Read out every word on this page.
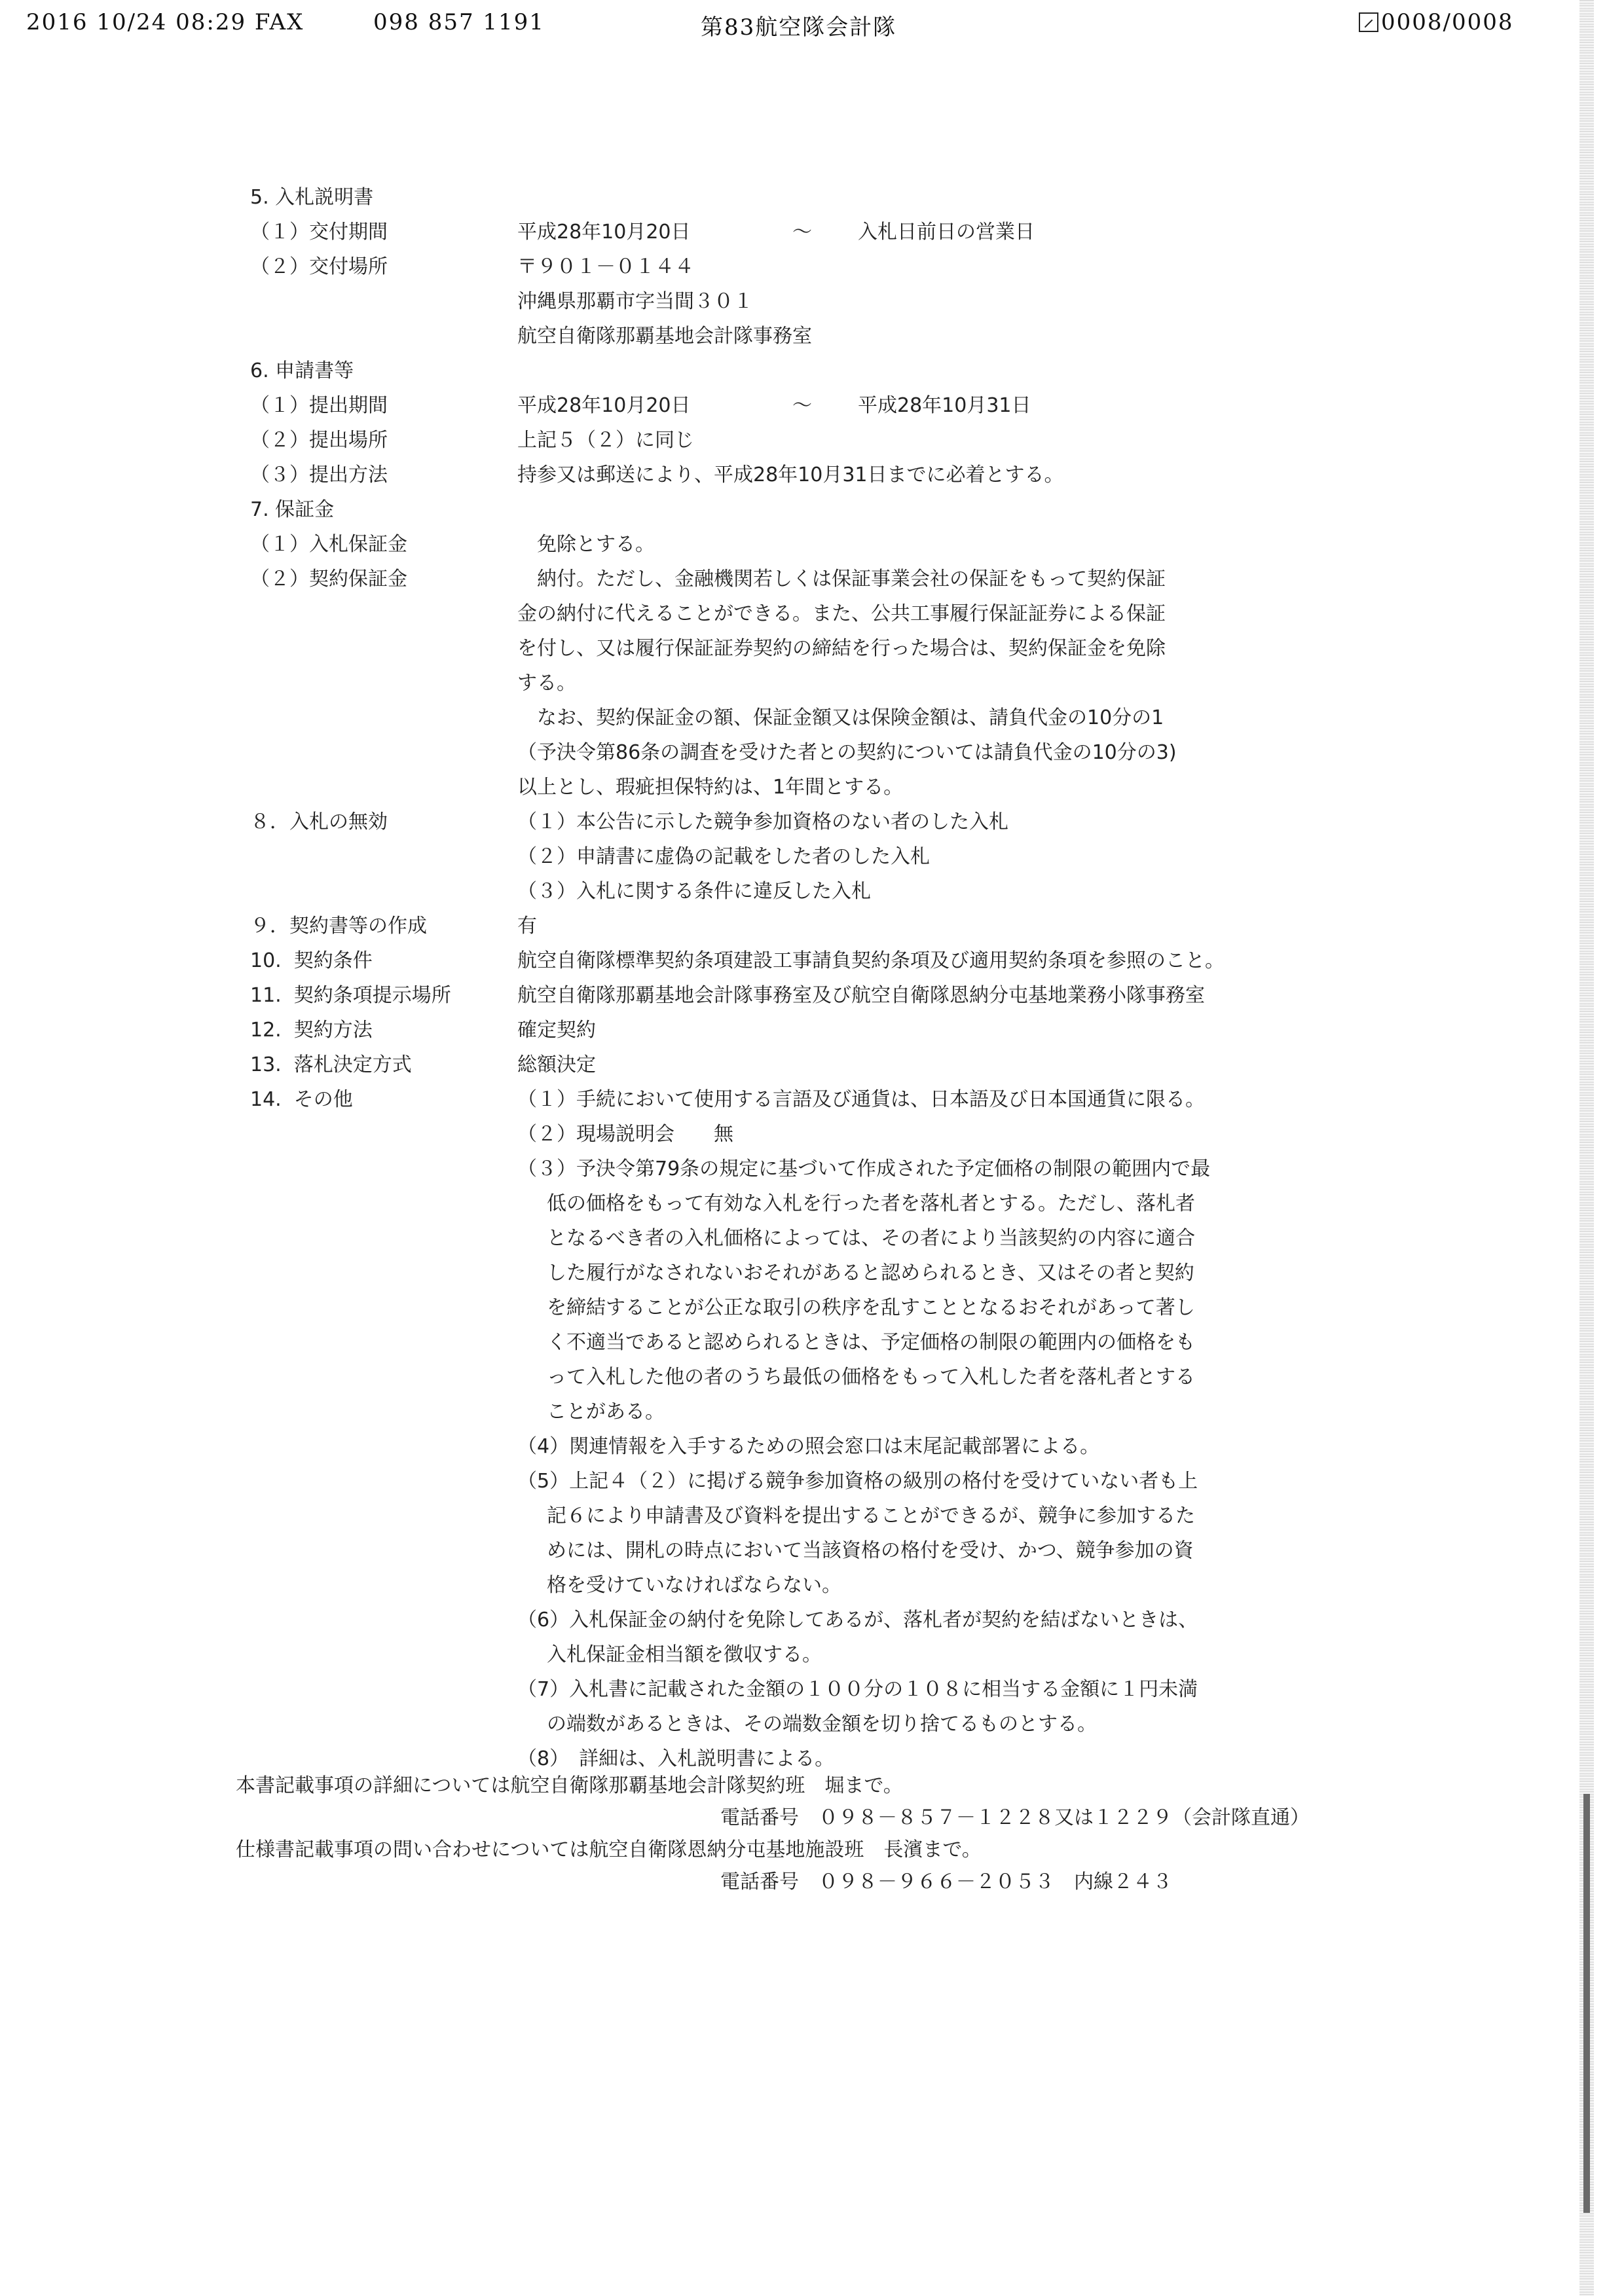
2016 10/24 08:29 FAX	098 857 1191	第83航空隊会計隊	0008/0008
5. 入札説明書
（１）交付期間	平成28年10月20日	～ 入札日前日の営業日
（２）交付場所	〒９０１－０１４４
沖縄県那覇市字当間３０１
航空自衛隊那覇基地会計隊事務室
6. 申請書等
（１）提出期間	平成28年10月20日	～ 平成28年10月31日
（２）提出場所	上記５（２）に同じ
（３）提出方法	持参又は郵送により、平成28年10月31日までに必着とする。
7. 保証金
（１）入札保証金	免除とする。
（２）契約保証金	納付。ただし、金融機関若しくは保証事業会社の保証をもって契約保証
金の納付に代えることができる。また、公共工事履行保証証券による保証
を付し、又は履行保証証券契約の締結を行った場合は、契約保証金を免除
する。
なお、契約保証金の額、保証金額又は保険金額は、請負代金の10分の1
（予決令第86条の調査を受けた者との契約については請負代金の10分の3)
以上とし、瑕疵担保特約は、1年間とする。
８．入札の無効	（１）本公告に示した競争参加資格のない者のした入札
（２）申請書に虚偽の記載をした者のした入札
（３）入札に関する条件に違反した入札
９．契約書等の作成	有
10.  契約条件	航空自衛隊標準契約条項建設工事請負契約条項及び適用契約条項を参照のこと。
11.  契約条項提示場所	航空自衛隊那覇基地会計隊事務室及び航空自衛隊恩納分屯基地業務小隊事務室
12.  契約方法	確定契約
13.  落札決定方式	総額決定
14.  その他	（１）手続において使用する言語及び通貨は、日本語及び日本国通貨に限る。
（２）現場説明会 無
（３）予決令第79条の規定に基づいて作成された予定価格の制限の範囲内で最
低の価格をもって有効な入札を行った者を落札者とする。ただし、落札者
となるべき者の入札価格によっては、その者により当該契約の内容に適合
した履行がなされないおそれがあると認められるとき、又はその者と契約
を締結することが公正な取引の秩序を乱すこととなるおそれがあって著し
く不適当であると認められるときは、予定価格の制限の範囲内の価格をも
って入札した他の者のうち最低の価格をもって入札した者を落札者とする
ことがある。
（4）関連情報を入手するための照会窓口は末尾記載部署による。
（5）上記４（２）に掲げる競争参加資格の級別の格付を受けていない者も上
記６により申請書及び資料を提出することができるが、競争に参加するた
めには、開札の時点において当該資格の格付を受け、かつ、競争参加の資
格を受けていなければならない。
（6）入札保証金の納付を免除してあるが、落札者が契約を結ばないときは、
入札保証金相当額を徴収する。
（7）入札書に記載された金額の１００分の１０８に相当する金額に１円未満
の端数があるときは、その端数金額を切り捨てるものとする。
（8）　詳細は、入札説明書による。
本書記載事項の詳細については航空自衛隊那覇基地会計隊契約班　堀まで。
電話番号　０９８－８５７－１２２８又は１２２９（会計隊直通）
仕様書記載事項の問い合わせについては航空自衛隊恩納分屯基地施設班　長濱まで。
電話番号　０９８－９６６－２０５３　内線２４３
